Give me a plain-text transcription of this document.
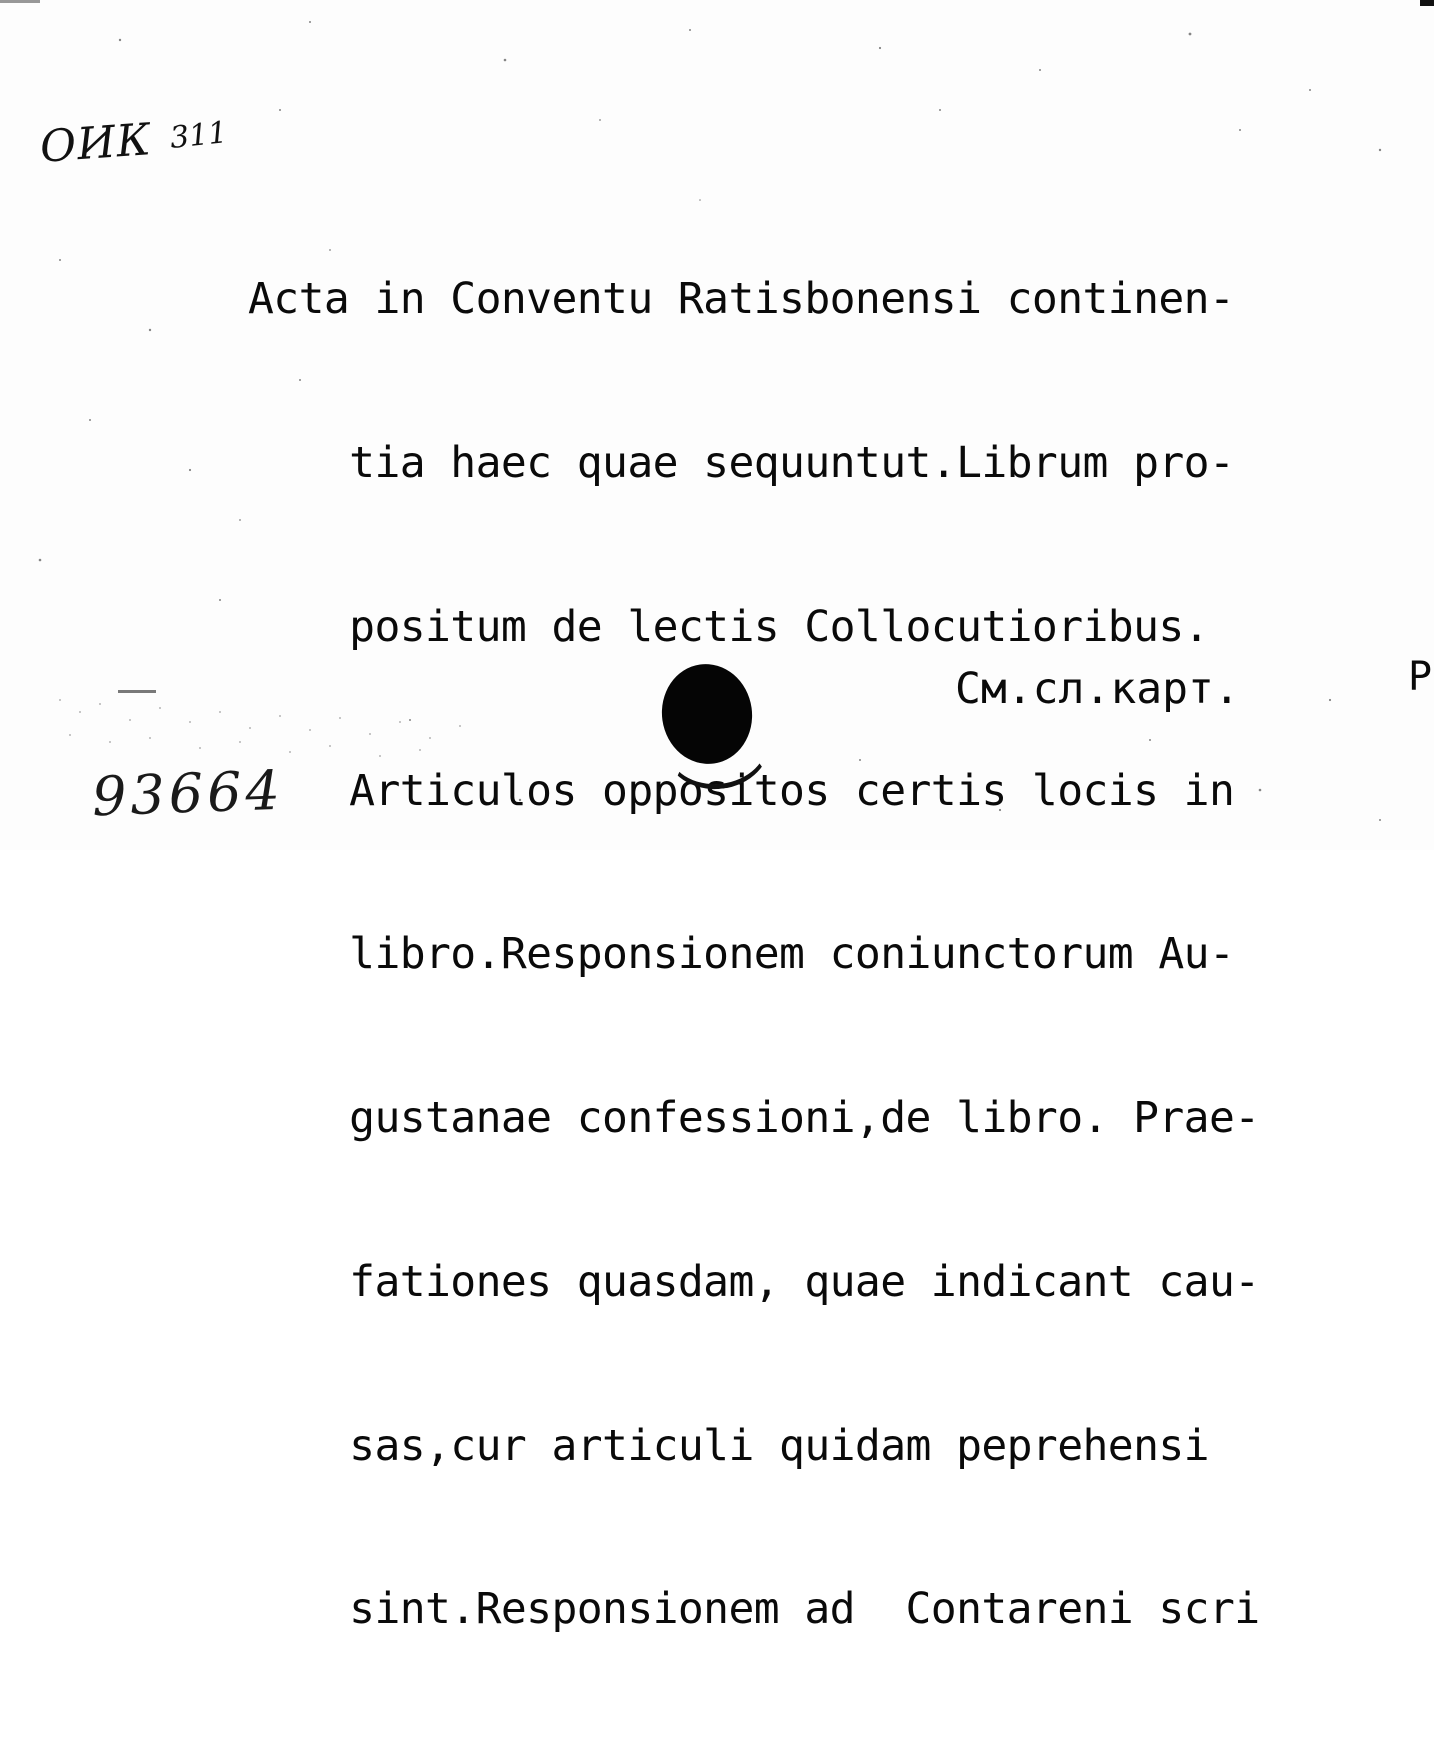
ОИК 311

Acta in Conventu Ratisbonensi continen-

tia haec quae sequuntut.Librum pro-

positum de lectis Collocutioribus.

Articulos oppositos certis locis in

libro.Responsionem coniunctorum Au-

gustanae confessioni,de libro. Prae-

fationes quasdam, quae indicant cau-

sas,cur articuli quidam peprehensi

sint.Responsionem ad  Contareni scri

См.сл.карт.	P
93664
